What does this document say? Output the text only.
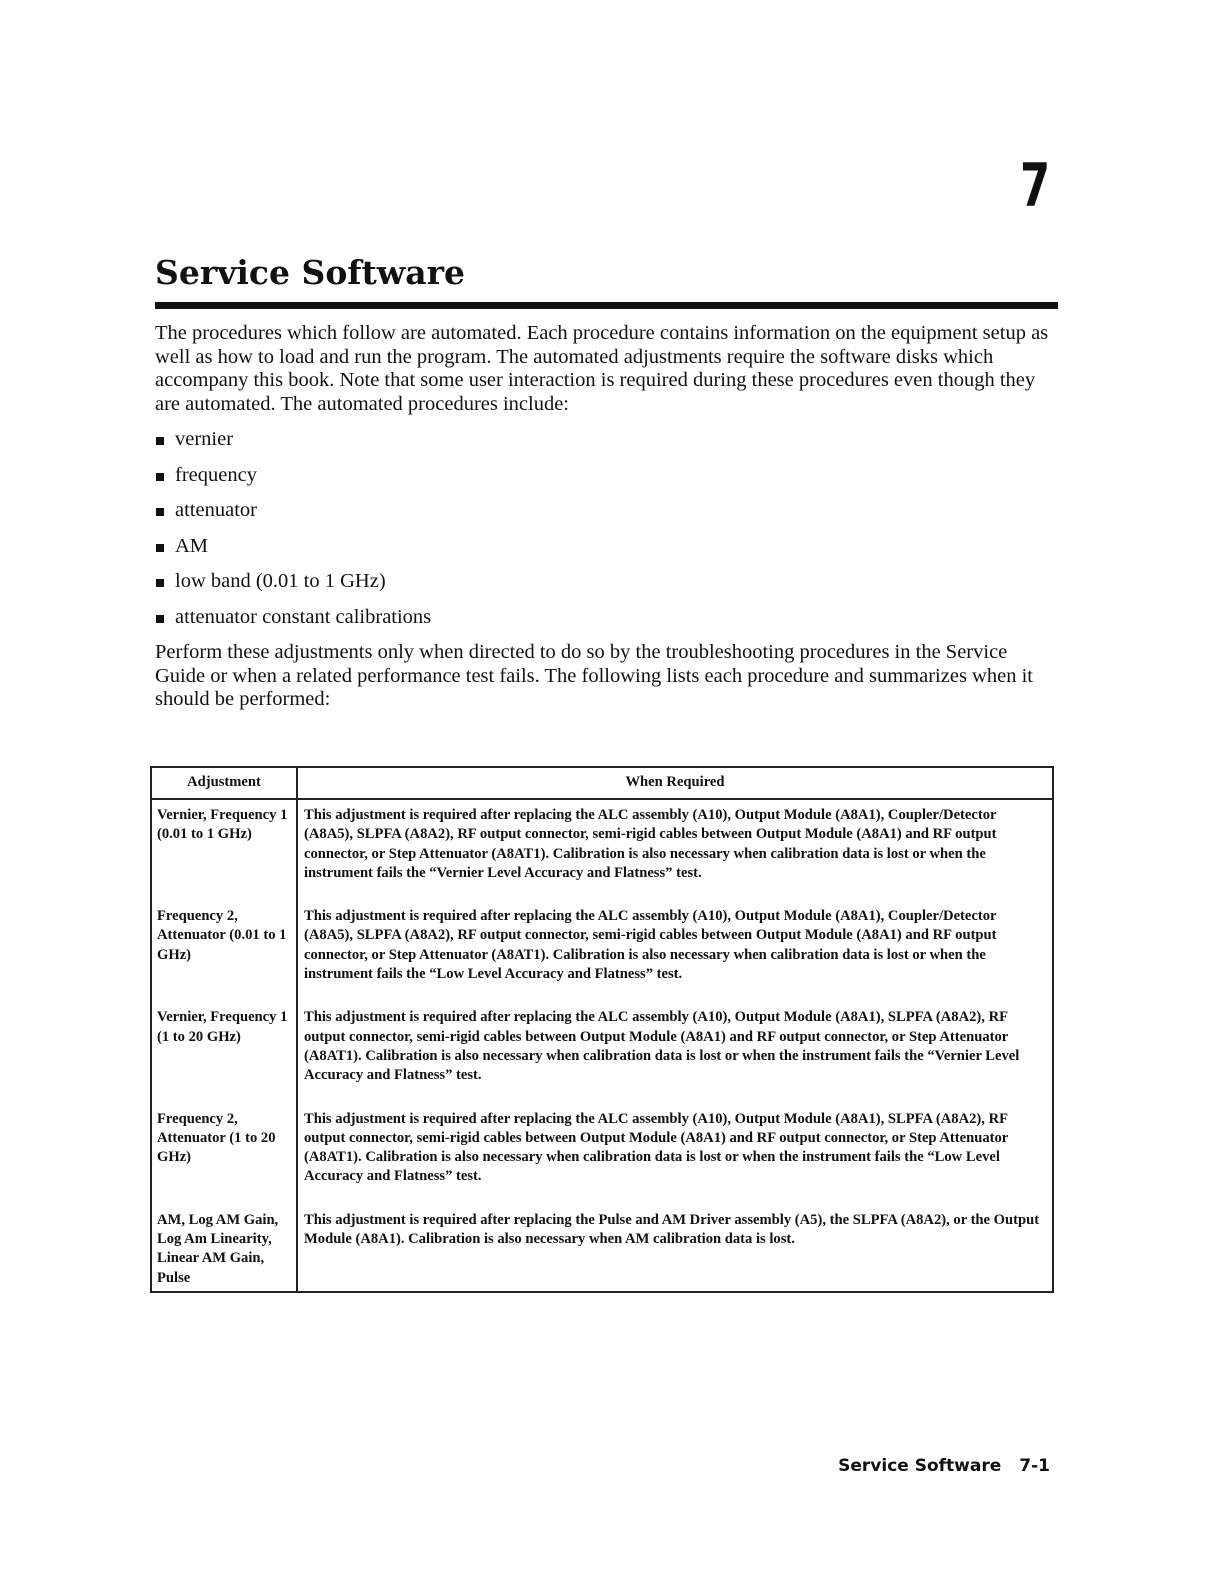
7
Service Software

The procedures which follow are automated. Each procedure contains information on the equipment setup as well as how to load and run the program. The automated adjustments require the software disks which accompany this book. Note that some user interaction is required during these procedures even though they are automated. The automated procedures include:

vernier
frequency
attenuator
AM
low band (0.01 to 1 GHz)
attenuator constant calibrations

Perform these adjustments only when directed to do so by the troubleshooting procedures in the Service Guide or when a related performance test fails. The following lists each procedure and summarizes when it should be performed:

Adjustment	When Required
Vernier, Frequency 1 (0.01 to 1 GHz)	This adjustment is required after replacing the ALC assembly (A10), Output Module (A8A1), Coupler/Detector (A8A5), SLPFA (A8A2), RF output connector, semi-rigid cables between Output Module (A8A1) and RF output connector, or Step Attenuator (A8AT1). Calibration is also necessary when calibration data is lost or when the instrument fails the “Vernier Level Accuracy and Flatness” test.
Frequency 2, Attenuator (0.01 to 1 GHz)	This adjustment is required after replacing the ALC assembly (A10), Output Module (A8A1), Coupler/Detector (A8A5), SLPFA (A8A2), RF output connector, semi-rigid cables between Output Module (A8A1) and RF output connector, or Step Attenuator (A8AT1). Calibration is also necessary when calibration data is lost or when the instrument fails the “Low Level Accuracy and Flatness” test.
Vernier, Frequency 1 (1 to 20 GHz)	This adjustment is required after replacing the ALC assembly (A10), Output Module (A8A1), SLPFA (A8A2), RF output connector, semi-rigid cables between Output Module (A8A1) and RF output connector, or Step Attenuator (A8AT1). Calibration is also necessary when calibration data is lost or when the instrument fails the “Vernier Level Accuracy and Flatness” test.
Frequency 2, Attenuator (1 to 20 GHz)	This adjustment is required after replacing the ALC assembly (A10), Output Module (A8A1), SLPFA (A8A2), RF output connector, semi-rigid cables between Output Module (A8A1) and RF output connector, or Step Attenuator (A8AT1). Calibration is also necessary when calibration data is lost or when the instrument fails the “Low Level Accuracy and Flatness” test.
AM, Log AM Gain, Log Am Linearity, Linear AM Gain, Pulse	This adjustment is required after replacing the Pulse and AM Driver assembly (A5), the SLPFA (A8A2), or the Output Module (A8A1). Calibration is also necessary when AM calibration data is lost.
Service Software 7-1
